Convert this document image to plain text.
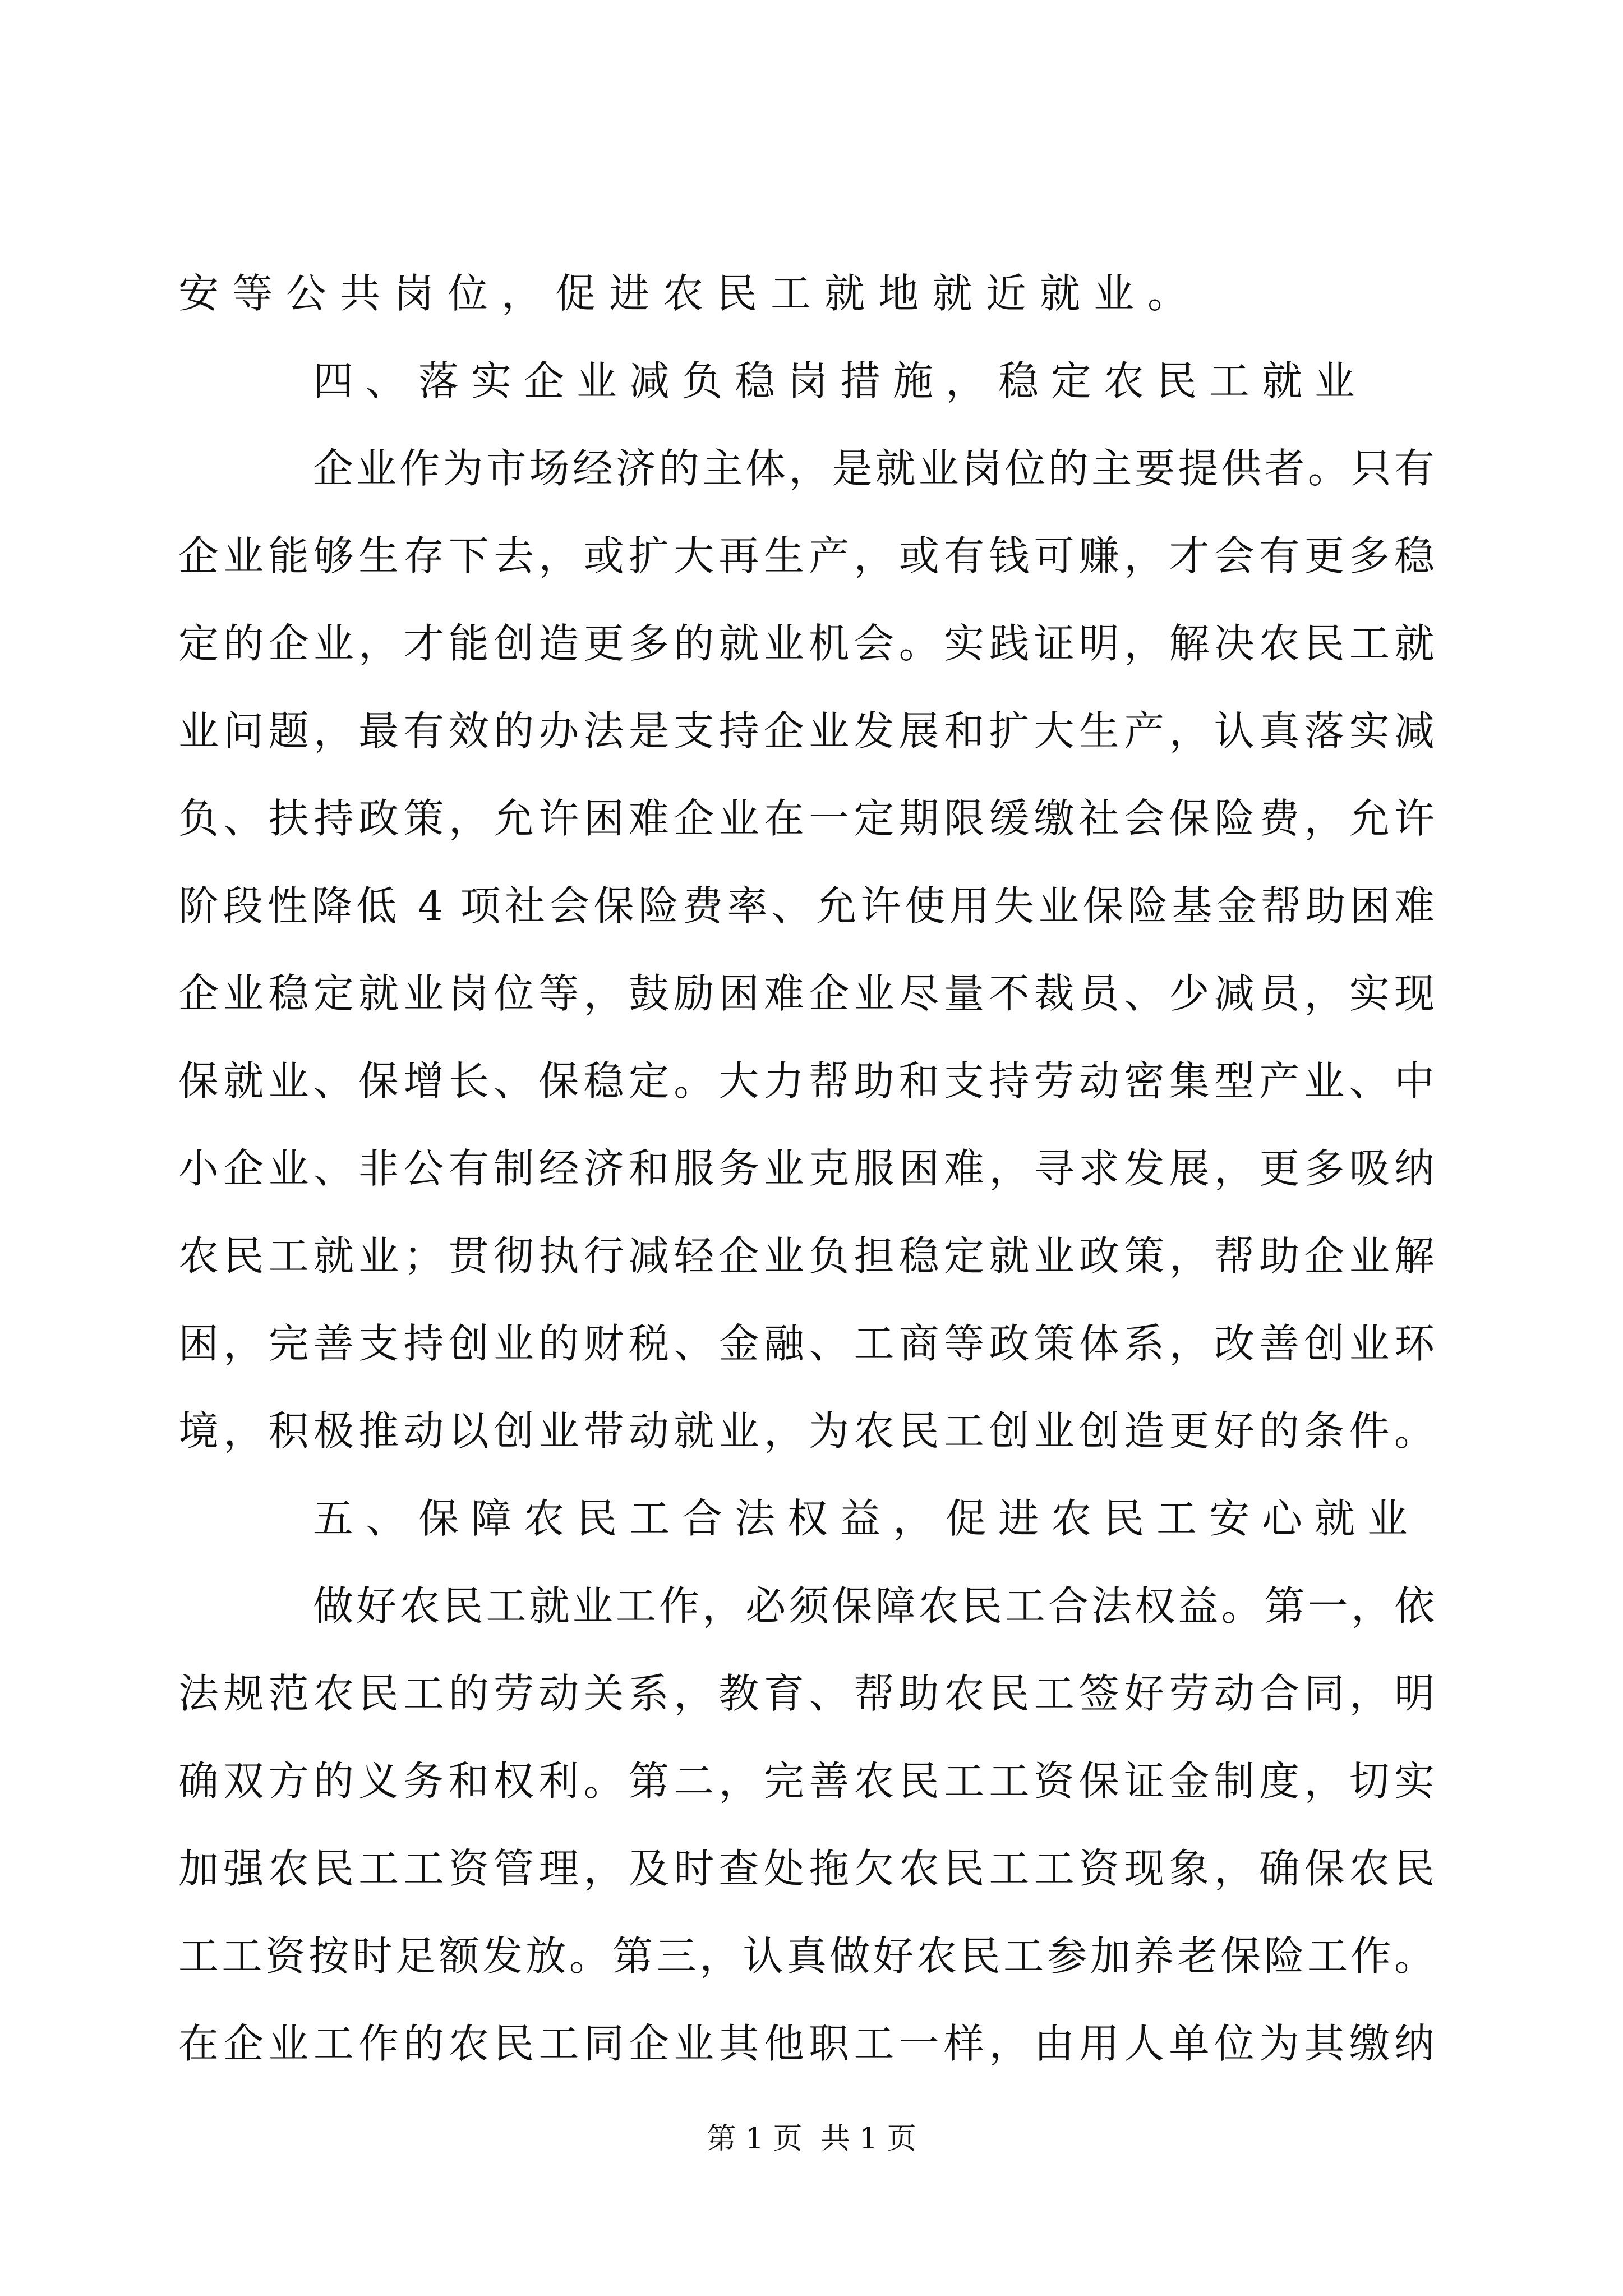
安等公共岗位，促进农民工就地就近就业。
四、落实企业减负稳岗措施，稳定农民工就业
企业作为市场经济的主体，是就业岗位的主要提供者。只有
企业能够生存下去，或扩大再生产，或有钱可赚，才会有更多稳
定的企业，才能创造更多的就业机会。实践证明，解决农民工就
业问题，最有效的办法是支持企业发展和扩大生产，认真落实减
负、扶持政策，允许困难企业在一定期限缓缴社会保险费，允许
阶段性降低 4 项社会保险费率、允许使用失业保险基金帮助困难
企业稳定就业岗位等，鼓励困难企业尽量不裁员、少减员，实现
保就业、保增长、保稳定。大力帮助和支持劳动密集型产业、中
小企业、非公有制经济和服务业克服困难，寻求发展，更多吸纳
农民工就业；贯彻执行减轻企业负担稳定就业政策，帮助企业解
困，完善支持创业的财税、金融、工商等政策体系，改善创业环
境，积极推动以创业带动就业，为农民工创业创造更好的条件。
五、保障农民工合法权益，促进农民工安心就业
做好农民工就业工作，必须保障农民工合法权益。第一，依
法规范农民工的劳动关系，教育、帮助农民工签好劳动合同，明
确双方的义务和权利。第二，完善农民工工资保证金制度，切实
加强农民工工资管理，及时查处拖欠农民工工资现象，确保农民
工工资按时足额发放。第三，认真做好农民工参加养老保险工作。
在企业工作的农民工同企业其他职工一样，由用人单位为其缴纳
第 1 页  共 1 页
